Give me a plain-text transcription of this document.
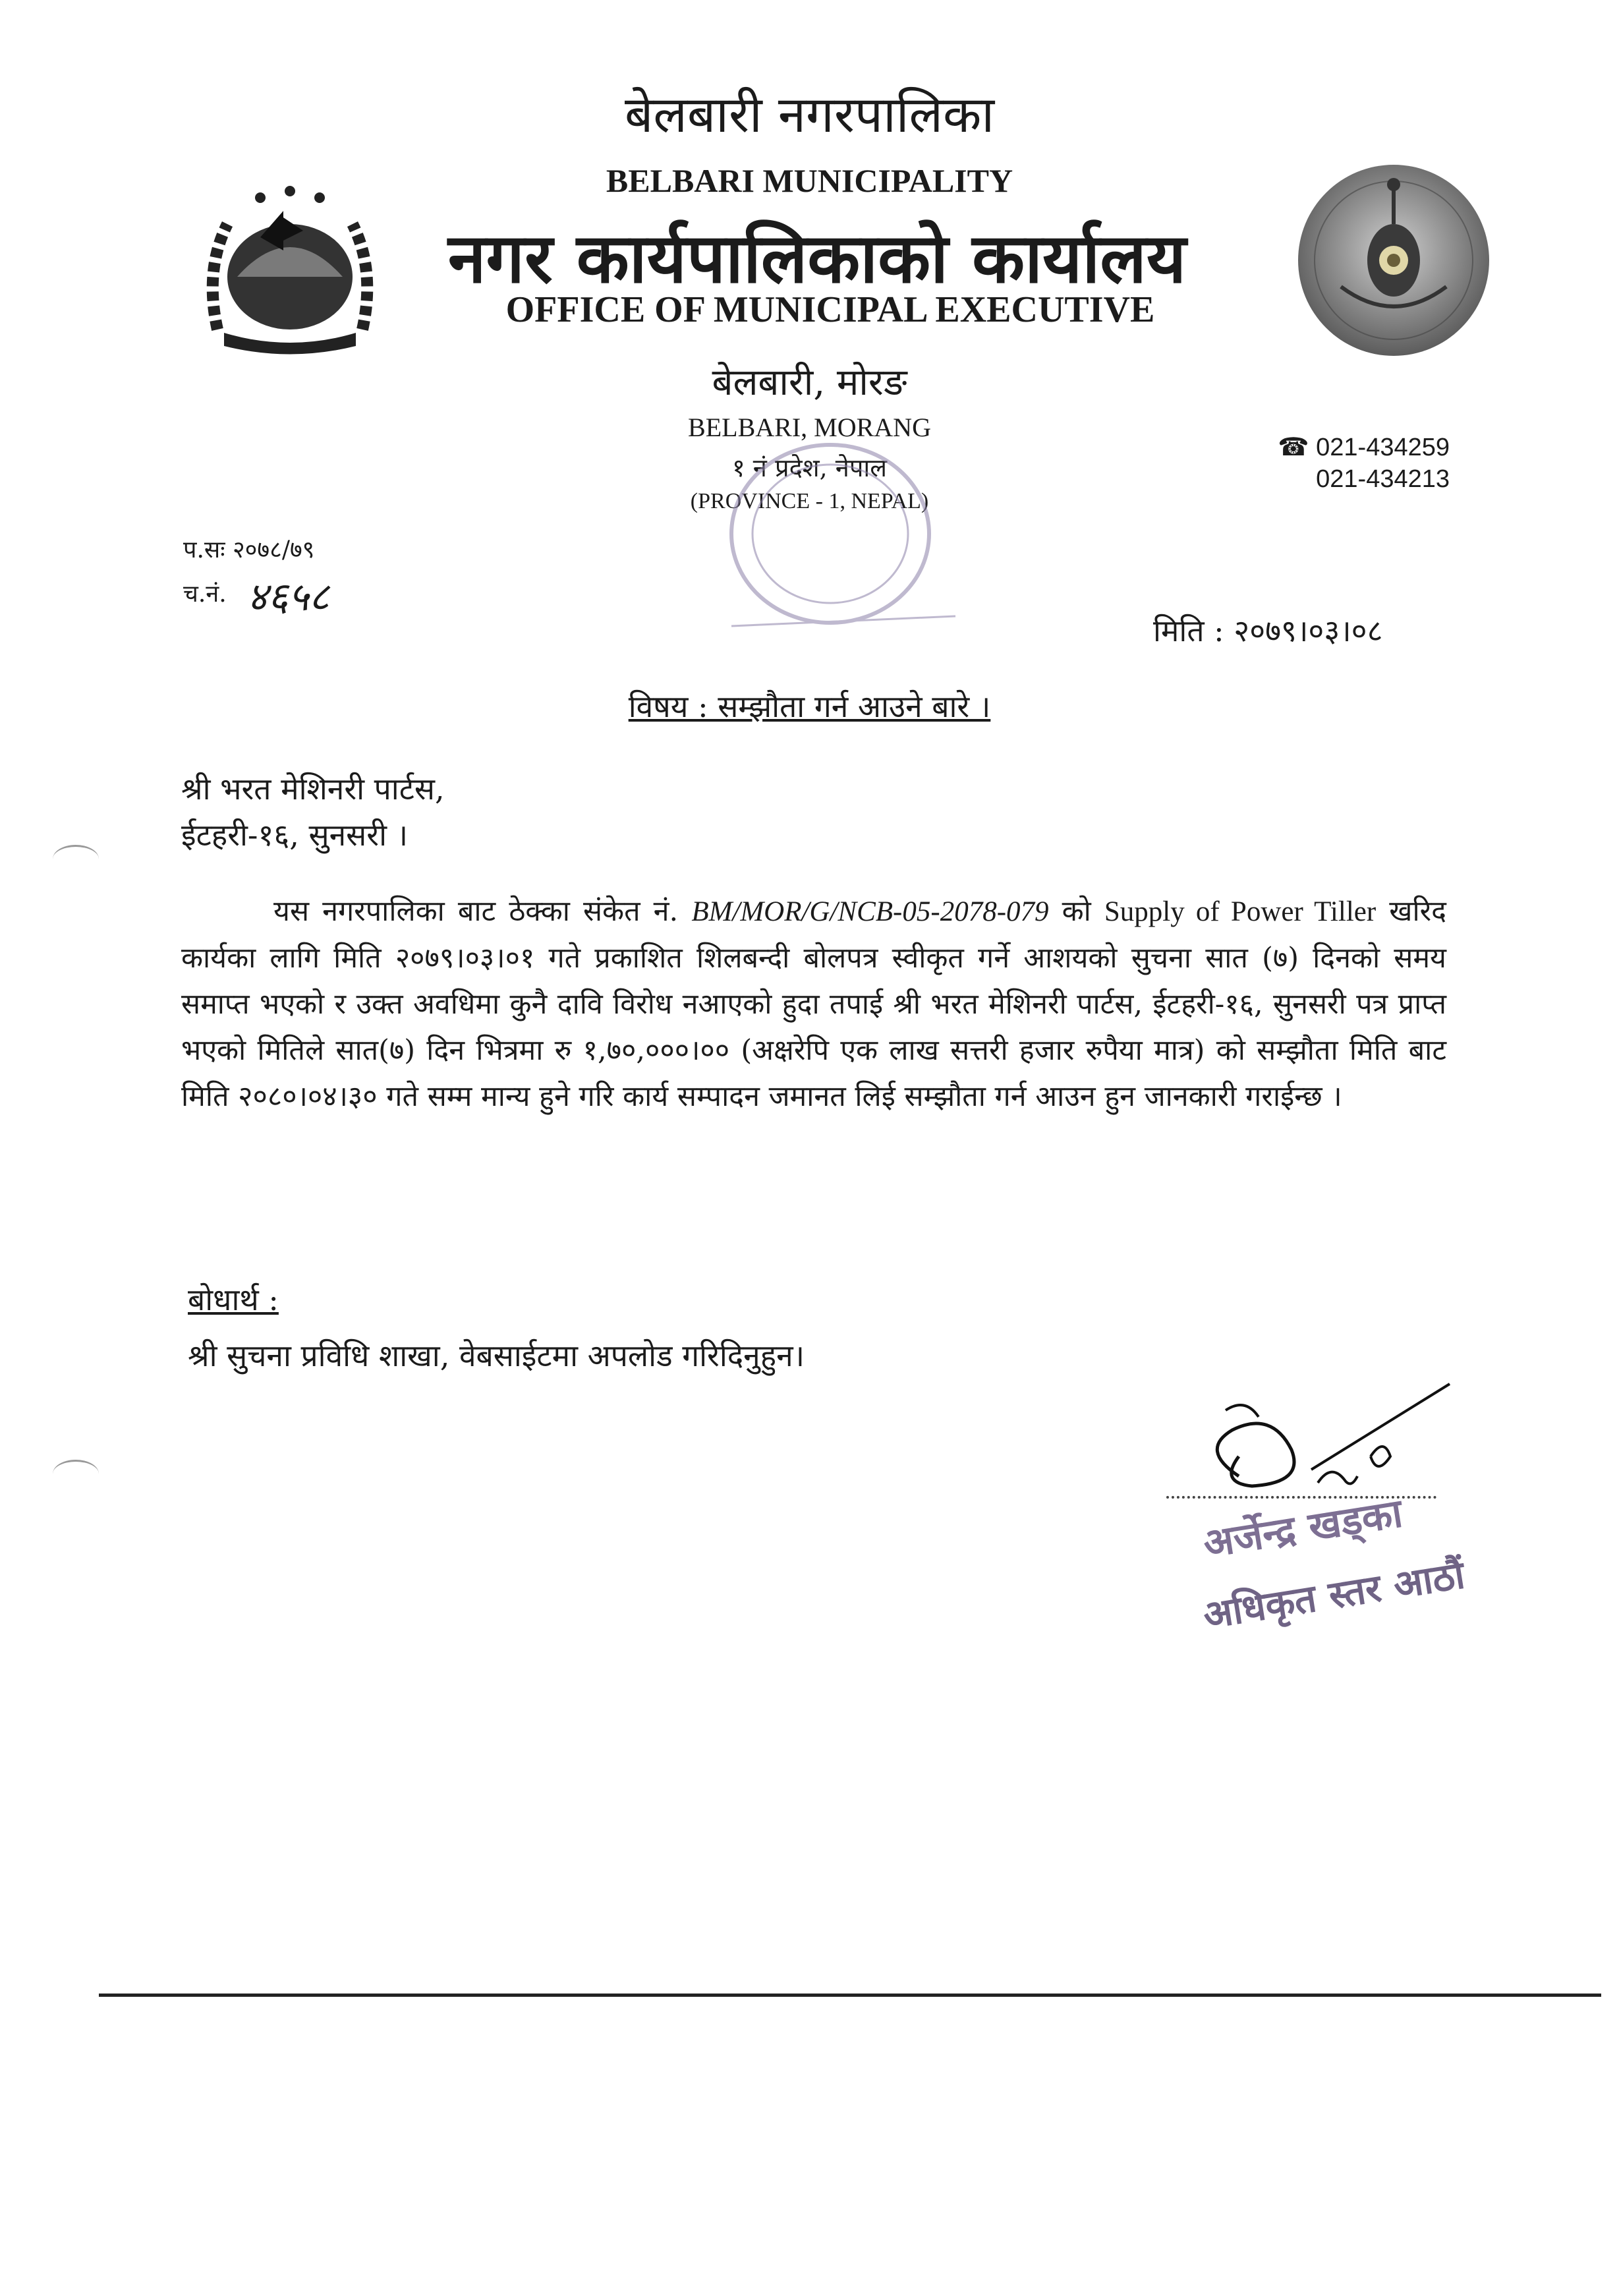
बेलबारी नगरपालिका
BELBARI MUNICIPALITY
नगर कार्यपालिकाको कार्यालय
OFFICE OF MUNICIPAL EXECUTIVE
बेलबारी, मोरङ
BELBARI, MORANG
१ नं प्रदेश, नेपाल
(PROVINCE - 1, NEPAL)
☎ 021-434259
021-434213
प.सः २०७८/७९
च.नं. ४६५८
मिति : २०७९।०३।०८
विषय : सम्झौता गर्न आउने बारे ।
श्री भरत मेशिनरी पार्टस,
ईटहरी-१६, सुनसरी ।
यस नगरपालिका बाट ठेक्का संकेत नं. BM/MOR/G/NCB-05-2078-079 को Supply of Power Tiller खरिद कार्यका लागि मिति २०७९।०३।०१ गते प्रकाशित शिलबन्दी बोलपत्र स्वीकृत गर्ने आशयको सुचना सात (७) दिनको समय समाप्त भएको र उक्त अवधिमा कुनै दावि विरोध नआएको हुदा तपाई श्री भरत मेशिनरी पार्टस, ईटहरी-१६, सुनसरी पत्र प्राप्त भएको मितिले सात(७) दिन भित्रमा रु १,७०,०००।०० (अक्षरेपि एक लाख सत्तरी हजार रुपैया मात्र) को सम्झौता मिति बाट मिति २०८०।०४।३० गते सम्म मान्य हुने गरि कार्य सम्पादन जमानत लिई सम्झौता गर्न आउन हुन जानकारी गराईन्छ ।
बोधार्थ :
श्री सुचना प्रविधि शाखा, वेबसाईटमा अपलोड गरिदिनुहुन।
अर्जेन्द्र खड्का
अधिकृत स्तर आठौं
